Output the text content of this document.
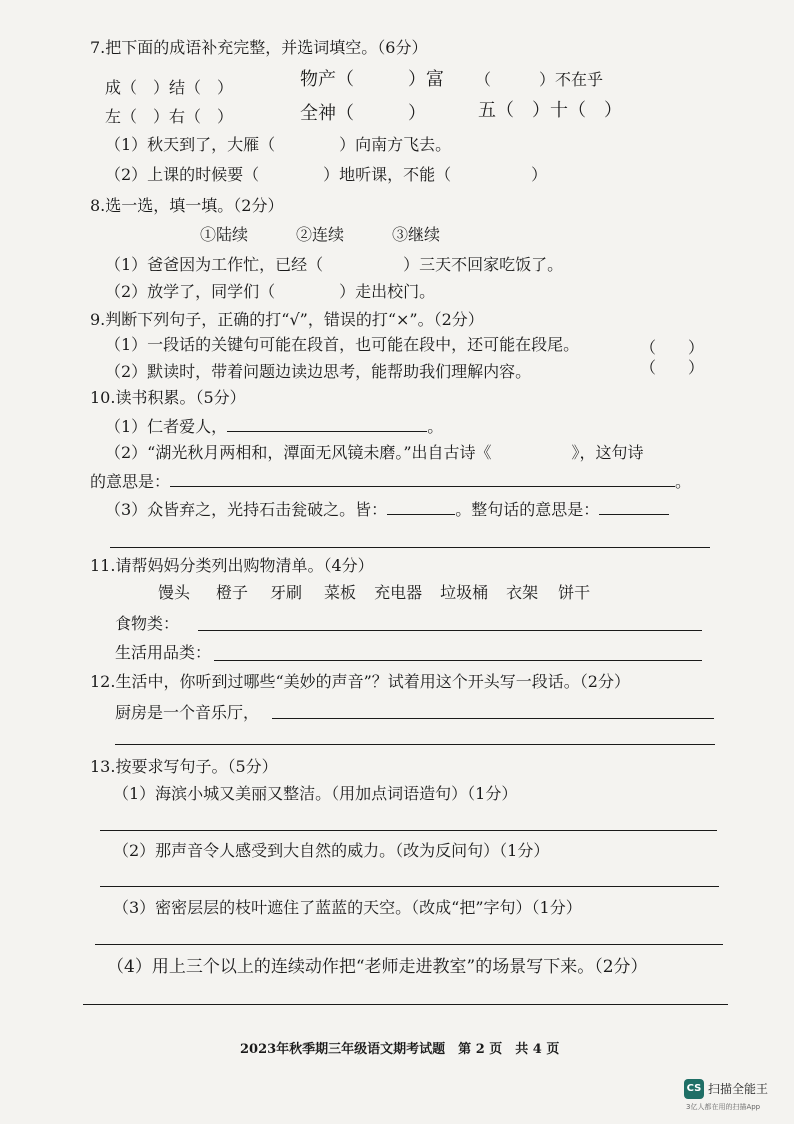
7.把下面的成语补充完整，并选词填空。（6分）
成（　）结（　）	物产（　　　）富 （　　　）不在乎
左（　）右（　）	全神（　　　）	五（　）十（　）
（1）秋天到了，大雁（　　　　）向南方飞去。
（2）上课的时候要（　　　　）地听课，不能（　　　　　）
8.选一选，填一填。（2分）
①陆续	②连续	③继续
（1）爸爸因为工作忙，已经（　　　　　）三天不回家吃饭了。
（2）放学了，同学们（　　　　）走出校门。
9.判断下列句子，正确的打“√”，错误的打“×”。（2分）
（1）一段话的关键句可能在段首，也可能在段中，还可能在段尾。	（　　）
（2）默读时，带着问题边读边思考，能帮助我们理解内容。	（　　）
10.读书积累。（5分）
（1）仁者爱人，	。
（2）“湖光秋月两相和，潭面无风镜未磨。”出自古诗《　　　　　》，这句诗
的意思是：	。
（3）众皆弃之，光持石击瓮破之。皆：	。整句话的意思是：
11.请帮妈妈分类列出购物清单。（4分）
馒头 橙子 牙刷 菜板 充电器 垃圾桶 衣架 饼干
食物类：
生活用品类：
12.生活中，你听到过哪些“美妙的声音”？试着用这个开头写一段话。（2分）
厨房是一个音乐厅，
13.按要求写句子。（5分）
（1）海滨小城又美丽又整洁。（用加点词语造句）（1分）
（2）那声音令人感受到大自然的威力。（改为反问句）（1分）
（3）密密层层的枝叶遮住了蓝蓝的天空。（改成“把”字句）（1分）
（4）用上三个以上的连续动作把“老师走进教室”的场景写下来。（2分）
2023年秋季期三年级语文期考试题　第 2 页　共 4 页
CS 扫描全能王
3亿人都在用的扫描App
